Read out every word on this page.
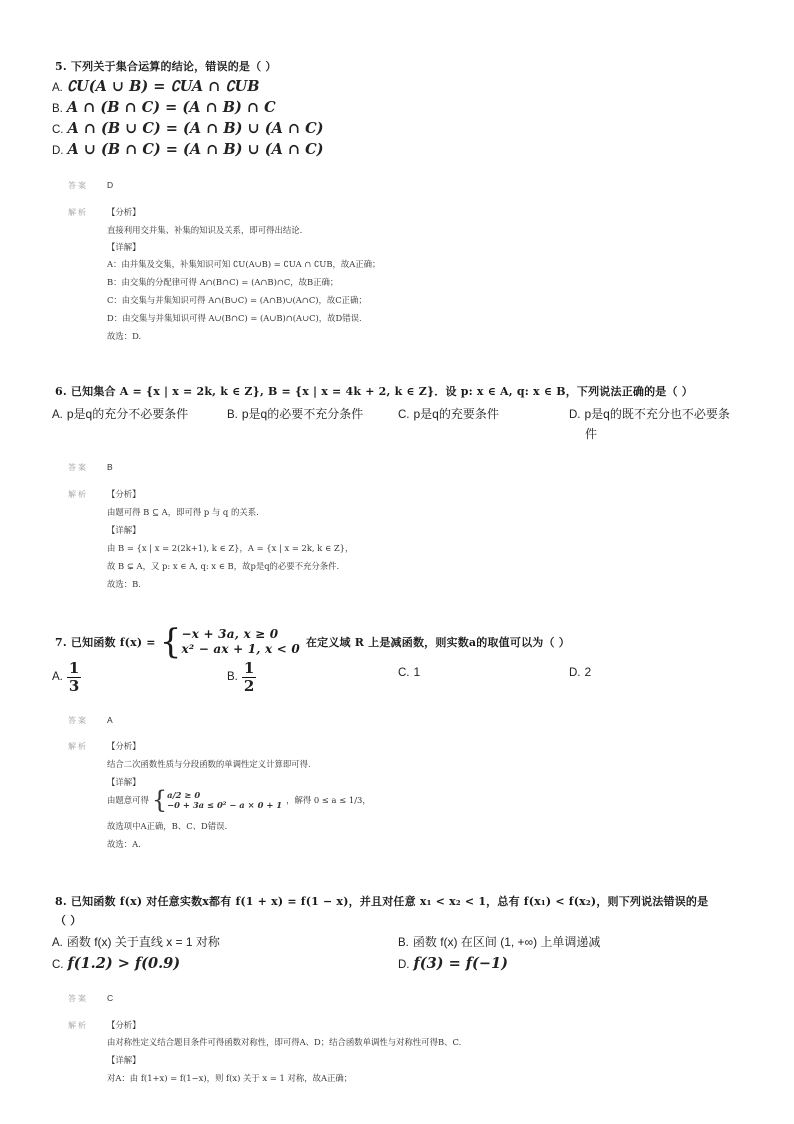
5. 下列关于集合运算的结论，错误的是（ ）
A. ∁U(A ∪ B) = ∁UA ∩ ∁UB
B. A ∩ (B ∩ C) = (A ∩ B) ∩ C
C. A ∩ (B ∪ C) = (A ∩ B) ∪ (A ∩ C)
D. A ∪ (B ∩ C) = (A ∩ B) ∪ (A ∩ C)
答案 D
解析 【分析】
直接利用交并集、补集的知识及关系，即可得出结论.
【详解】
A：由并集及交集，补集知识可知 ∁U(A∪B) = ∁UA ∩ ∁UB，故A正确；
B：由交集的分配律可得 A∩(B∩C) = (A∩B)∩C，故B正确；
C：由交集与并集知识可得 A∩(B∪C) = (A∩B)∪(A∩C)，故C正确；
D：由交集与并集知识可得 A∪(B∩C) = (A∪B)∩(A∪C)，故D错误.
故选：D.
6. 已知集合 A = {x | x = 2k, k ∈ Z}, B = {x | x = 4k + 2, k ∈ Z}．设 p: x ∈ A, q: x ∈ B，下列说法正确的是（ ）
A. p是q的充分不必要条件	B. p是q的必要不充分条件	C. p是q的充要条件	D. p是q的既不充分也不必要条
件
答案 B
解析 【分析】
由题可得 B ⊆ A，即可得 p 与 q 的关系.
【详解】
由 B = {x | x = 2(2k+1), k ∈ Z}，A = {x | x = 2k, k ∈ Z}，
故 B ⊊ A，又 p: x ∈ A, q: x ∈ B，故p是q的必要不充分条件.
故选：B.
7. 已知函数 f(x) = { −x + 3a, x ≥ 0
x² − ax + 1, x < 0 在定义域 R 上是减函数，则实数a的取值可以为（ ）
A. $\frac{1}{3}$	B. $\frac{1}{2}$	C. 1	D. 2
答案 A
解析 【分析】
结合二次函数性质与分段函数的单调性定义计算即可得.
【详解】
由题意可得 { a/2 ≥ 0
−0 + 3a ≤ 0² − a × 0 + 1 ，解得 0 ≤ a ≤ 1/3，
故选项中A正确，B、C、D错误.
故选：A.
8. 已知函数 f(x) 对任意实数x都有 f(1 + x) = f(1 − x)，并且对任意 x₁ < x₂ < 1，总有 f(x₁) < f(x₂)，则下列说法错误的是
（ ）
A. 函数 f(x) 关于直线 x = 1 对称	B. 函数 f(x) 在区间 (1, +∞) 上单调递减
C. f(1.2) > f(0.9)	D. f(3) = f(−1)
答案 C
解析 【分析】
由对称性定义结合题目条件可得函数对称性，即可得A、D；结合函数单调性与对称性可得B、C.
【详解】
对A：由 f(1+x) = f(1−x)，则 f(x) 关于 x = 1 对称，故A正确；
